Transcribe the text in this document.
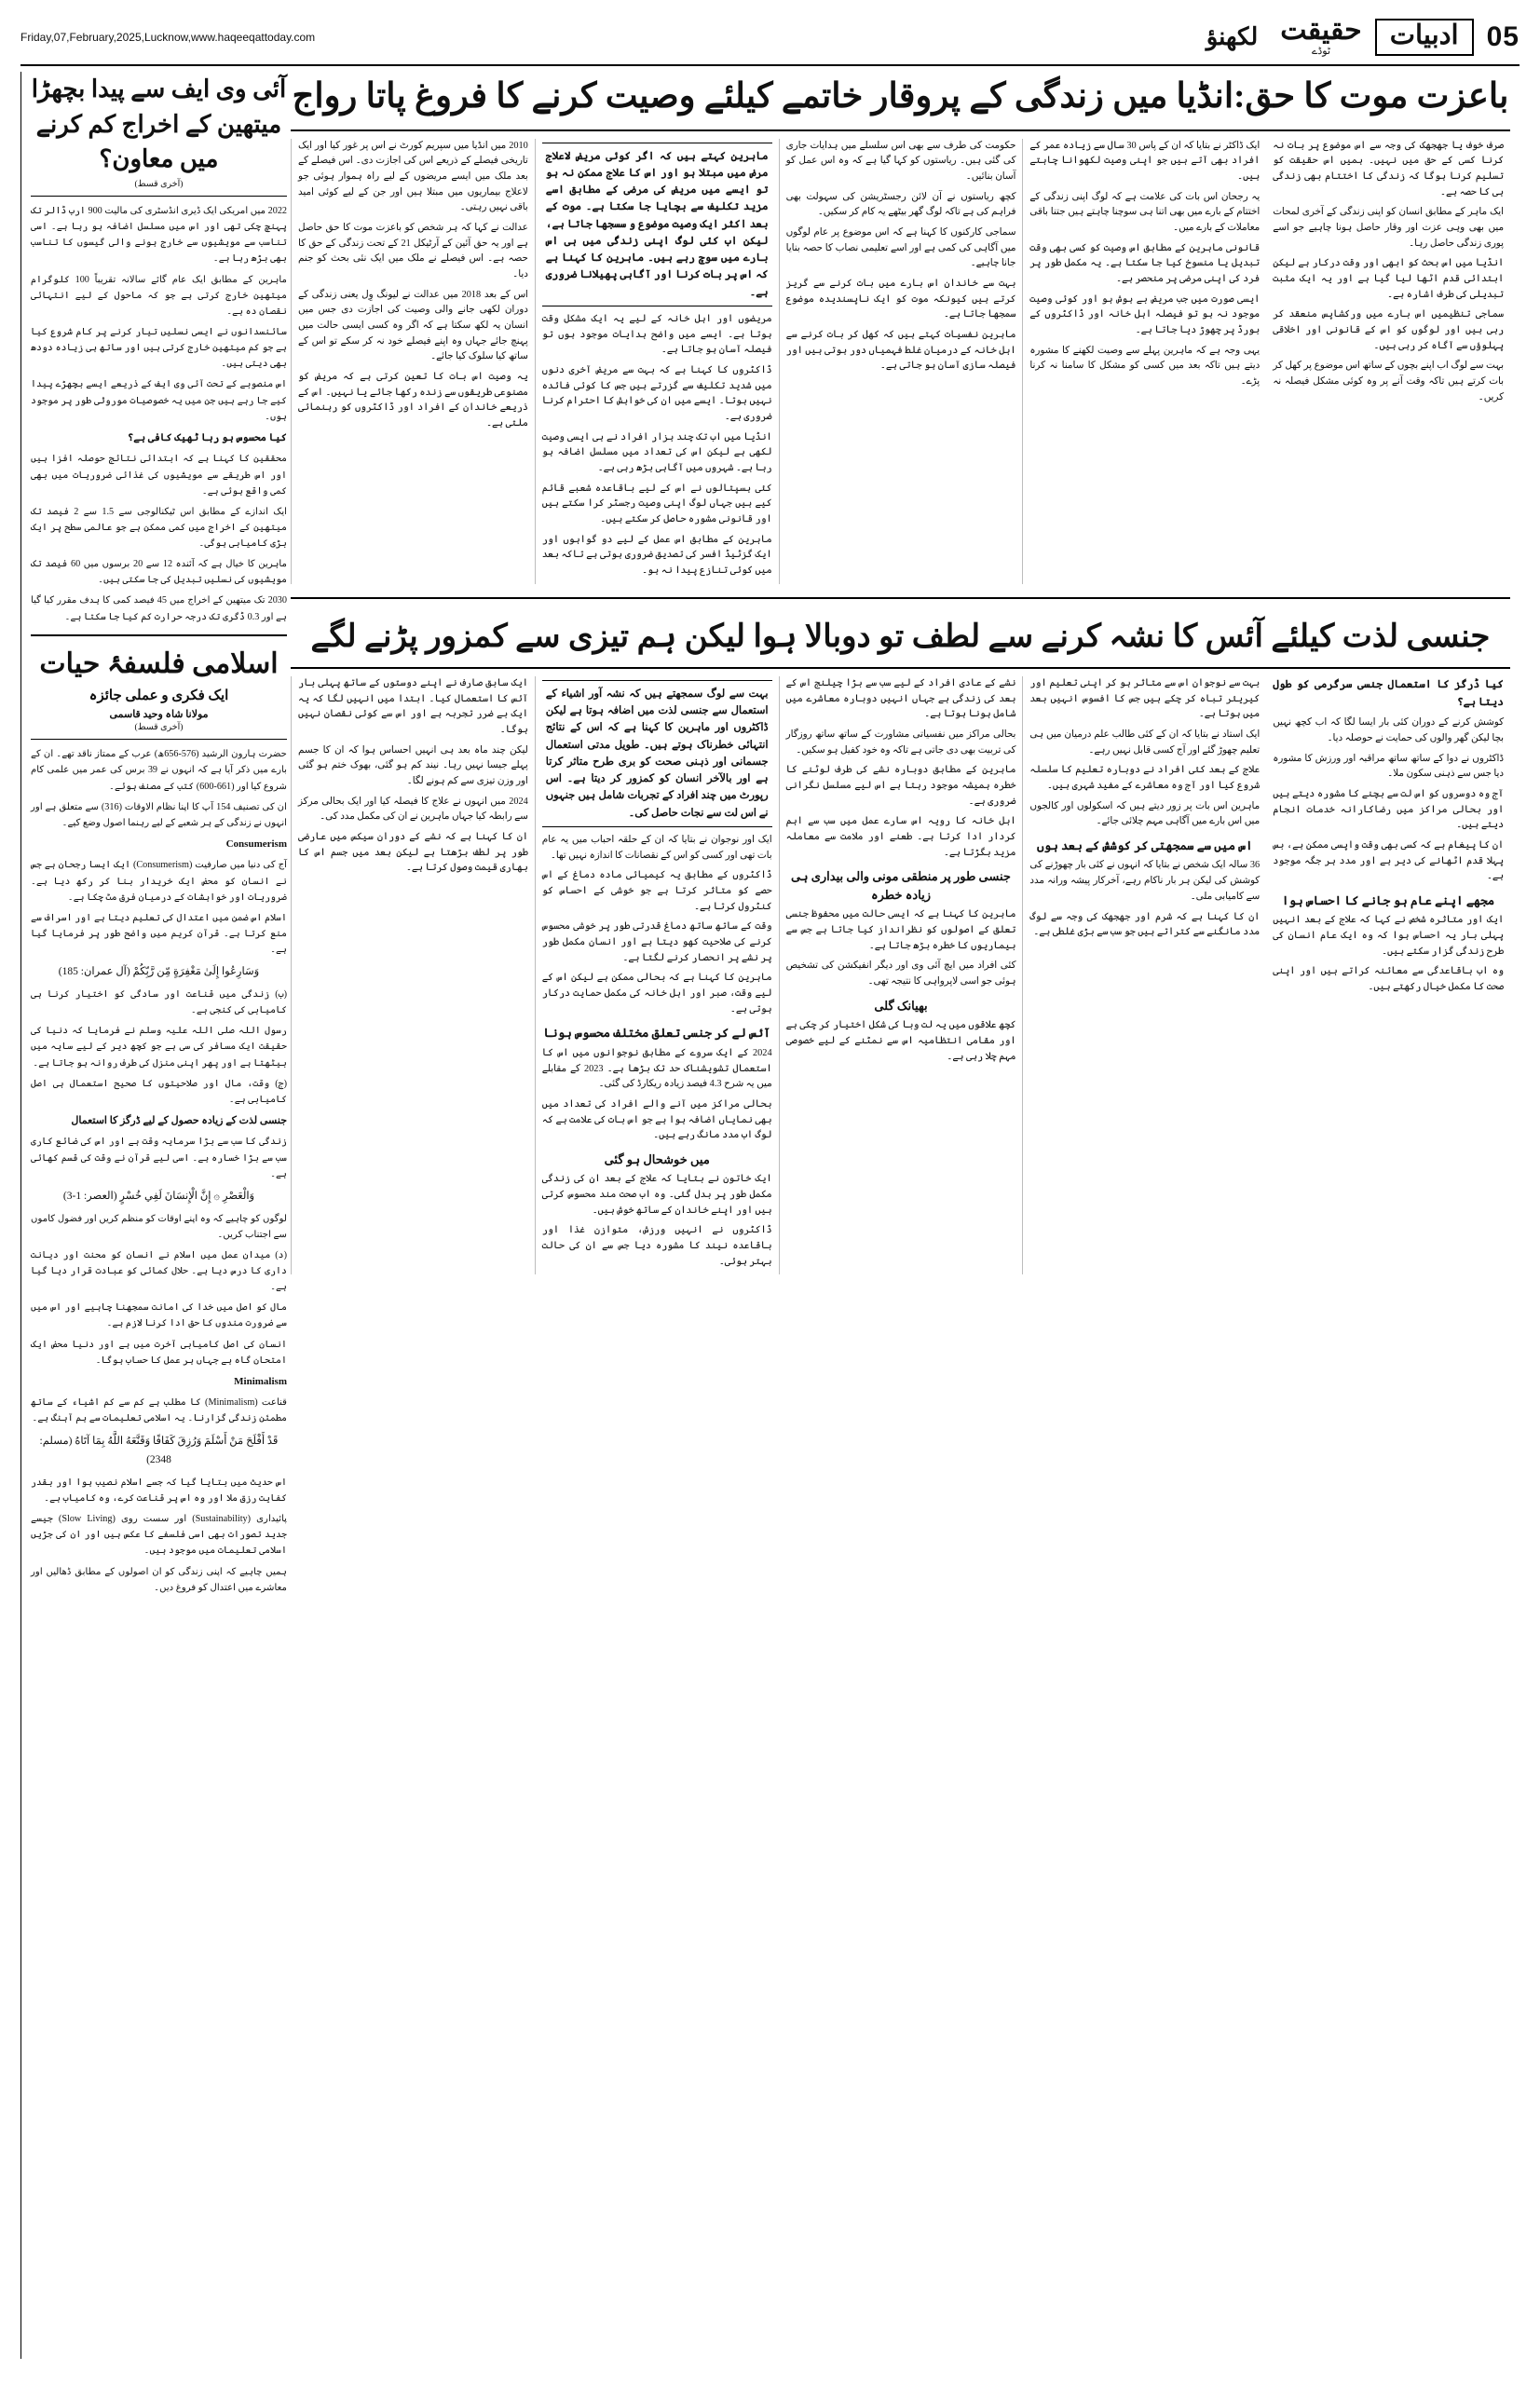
05
ادبیات
حقیقت
ٹوڈے
لکھنؤ
Friday,07,February,2025,Lucknow,www.haqeeqattoday.com
آئی وی ایف سے پیدا بچھڑا میتھین کے اخراج کم کرنے میں معاون؟
(آخری قسط)

2022 میں امریکی ایک ڈیری انڈسٹری کی مالیت 900 ارب ڈالر تک پہنچ چکی تھی اور اس میں مسلسل اضافہ ہو رہا ہے۔ اسی تناسب سے مویشیوں سے خارج ہونے والی گیسوں کا تناسب بھی بڑھ رہا ہے۔

ماہرین کے مطابق ایک عام گائے سالانہ تقریباً 100 کلوگرام میتھین خارج کرتی ہے جو کہ ماحول کے لیے انتہائی نقصان دہ ہے۔

سائنسدانوں نے ایسی نسلیں تیار کرنے پر کام شروع کیا ہے جو کم میتھین خارج کرتی ہیں اور ساتھ ہی زیادہ دودھ بھی دیتی ہیں۔

اس منصوبے کے تحت آئی وی ایف کے ذریعے ایسے بچھڑے پیدا کیے جا رہے ہیں جن میں یہ خصوصیات موروثی طور پر موجود ہوں۔

کیا محسوس ہو رہا ٹھیک کافی ہے؟

محققین کا کہنا ہے کہ ابتدائی نتائج حوصلہ افزا ہیں اور اس طریقے سے مویشیوں کی غذائی ضروریات میں بھی کمی واقع ہوئی ہے۔

ایک اندازے کے مطابق اس ٹیکنالوجی سے 1.5 سے 2 فیصد تک میتھین کے اخراج میں کمی ممکن ہے جو عالمی سطح پر ایک بڑی کامیابی ہوگی۔

ماہرین کا خیال ہے کہ آئندہ 12 سے 20 برسوں میں 60 فیصد تک مویشیوں کی نسلیں تبدیل کی جا سکتی ہیں۔

2030 تک میتھین کے اخراج میں 45 فیصد کمی کا ہدف مقرر کیا گیا ہے اور 0.3 ڈگری تک درجہ حرارت کم کیا جا سکتا ہے۔

اسلامی فلسفۂ حیات
ایک فکری و عملی جائزہ
مولانا شاہ وحید قاسمی
(آخری قسط)

حضرت ہارون الرشید (576-656ھ) عرب کے ممتاز ناقد تھے۔ ان کے بارے میں ذکر آیا ہے کہ انہوں نے 39 برس کی عمر میں علمی کام شروع کیا اور (661-600) کتب کے مصنف ہوئے۔

ان کی تصنیف 154 آپ کا اپنا نظام الاوقات (316) سے متعلق ہے اور انہوں نے زندگی کے ہر شعبے کے لیے رہنما اصول وضع کیے۔

Consumerism

آج کی دنیا میں صارفیت (Consumerism) ایک ایسا رجحان ہے جس نے انسان کو محض ایک خریدار بنا کر رکھ دیا ہے۔ ضروریات اور خواہشات کے درمیان فرق مٹ چکا ہے۔

اسلام اس ضمن میں اعتدال کی تعلیم دیتا ہے اور اسراف سے منع کرتا ہے۔ قرآن کریم میں واضح طور پر فرمایا گیا ہے۔

وَسَارِعُوا إِلَىٰ مَغْفِرَةٍ مِّن رَّبِّكُمْ (آل عمران: 185)

(ب) زندگی میں قناعت اور سادگی کو اختیار کرنا ہی کامیابی کی کنجی ہے۔

رسول اللہ صلی اللہ علیہ وسلم نے فرمایا کہ دنیا کی حقیقت ایک مسافر کی سی ہے جو کچھ دیر کے لیے سایہ میں بیٹھتا ہے اور پھر اپنی منزل کی طرف روانہ ہو جاتا ہے۔

(ج) وقت، مال اور صلاحیتوں کا صحیح استعمال ہی اصل کامیابی ہے۔

جنسی لذت کے زیادہ حصول کے لیے ڈرگز کا استعمال

زندگی کا سب سے بڑا سرمایہ وقت ہے اور اس کی ضائع کاری سب سے بڑا خسارہ ہے۔ اسی لیے قرآن نے وقت کی قسم کھائی ہے۔

وَالْعَصْرِ ۞ إِنَّ الْإِنسَانَ لَفِي خُسْرٍ (العصر: 1-3)

لوگوں کو چاہیے کہ وہ اپنے اوقات کو منظم کریں اور فضول کاموں سے اجتناب کریں۔

(د) میدانِ عمل میں اسلام نے انسان کو محنت اور دیانت داری کا درس دیا ہے۔ حلال کمائی کو عبادت قرار دیا گیا ہے۔

مال کو اصل میں خدا کی امانت سمجھنا چاہیے اور اس میں سے ضرورت مندوں کا حق ادا کرنا لازم ہے۔

انسان کی اصل کامیابی آخرت میں ہے اور دنیا محض ایک امتحان گاہ ہے جہاں ہر عمل کا حساب ہوگا۔

Minimalism

قناعت (Minimalism) کا مطلب ہے کم سے کم اشیاء کے ساتھ مطمئن زندگی گزارنا۔ یہ اسلامی تعلیمات سے ہم آہنگ ہے۔

قَدْ أَفْلَحَ مَنْ أَسْلَمَ وَرُزِقَ كَفَافًا وَقَنَّعَهُ اللَّهُ بِمَا آتَاهُ (مسلم: 2348)

اس حدیث میں بتایا گیا کہ جسے اسلام نصیب ہوا اور بقدر کفایت رزق ملا اور وہ اس پر قناعت کرے، وہ کامیاب ہے۔

پائیداری (Sustainability) اور سست روی (Slow Living) جیسے جدید تصورات بھی اسی فلسفے کا عکس ہیں اور ان کی جڑیں اسلامی تعلیمات میں موجود ہیں۔

ہمیں چاہیے کہ اپنی زندگی کو ان اصولوں کے مطابق ڈھالیں اور معاشرے میں اعتدال کو فروغ دیں۔

باعزت موت کا حق:انڈیا میں زندگی کے پروقار خاتمے کیلئے وصیت کرنے کا فروغ پاتا رواج

2010 میں انڈیا میں سپریم کورٹ نے اس پر غور کیا اور ایک تاریخی فیصلے کے ذریعے اس کی اجازت دی۔ اس فیصلے کے بعد ملک میں ایسے مریضوں کے لیے راہ ہموار ہوئی جو لاعلاج بیماریوں میں مبتلا ہیں اور جن کے لیے کوئی امید باقی نہیں رہتی۔

عدالت نے کہا کہ ہر شخص کو باعزت موت کا حق حاصل ہے اور یہ حق آئین کے آرٹیکل 21 کے تحت زندگی کے حق کا حصہ ہے۔ اس فیصلے نے ملک میں ایک نئی بحث کو جنم دیا۔

اس کے بعد 2018 میں عدالت نے لیونگ وِل یعنی زندگی کے دوران لکھی جانے والی وصیت کی اجازت دی جس میں انسان یہ لکھ سکتا ہے کہ اگر وہ کسی ایسی حالت میں پہنچ جائے جہاں وہ اپنے فیصلے خود نہ کر سکے تو اس کے ساتھ کیا سلوک کیا جائے۔

یہ وصیت اس بات کا تعین کرتی ہے کہ مریض کو مصنوعی طریقوں سے زندہ رکھا جائے یا نہیں۔ اس کے ذریعے خاندان کے افراد اور ڈاکٹروں کو رہنمائی ملتی ہے۔

ماہرین کہتے ہیں کہ اگر کوئی مریض لاعلاج مرض میں مبتلا ہو اور اس کا علاج ممکن نہ ہو تو ایسے میں مریض کی مرضی کے مطابق اسے مزید تکلیف سے بچایا جا سکتا ہے۔ موت کے بعد اکثر ایک وصیت موضوع و سسجھا جاتا ہے، لیکن اب کئی لوگ اپنی زندگی میں ہی اس بارے میں سوچ رہے ہیں۔ ماہرین کا کہنا ہے کہ اس پر بات کرنا اور آگاہی پھیلانا ضروری ہے۔

مریضوں اور اہل خانہ کے لیے یہ ایک مشکل وقت ہوتا ہے۔ ایسے میں واضح ہدایات موجود ہوں تو فیصلہ آسان ہو جاتا ہے۔

ڈاکٹروں کا کہنا ہے کہ بہت سے مریض آخری دنوں میں شدید تکلیف سے گزرتے ہیں جس کا کوئی فائدہ نہیں ہوتا۔ ایسے میں ان کی خواہش کا احترام کرنا ضروری ہے۔

انڈیا میں اب تک چند ہزار افراد نے ہی ایسی وصیت لکھی ہے لیکن اس کی تعداد میں مسلسل اضافہ ہو رہا ہے۔ شہروں میں آگاہی بڑھ رہی ہے۔

کئی ہسپتالوں نے اس کے لیے باقاعدہ شعبے قائم کیے ہیں جہاں لوگ اپنی وصیت رجسٹر کرا سکتے ہیں اور قانونی مشورہ حاصل کر سکتے ہیں۔

ماہرین کے مطابق اس عمل کے لیے دو گواہوں اور ایک گزٹیڈ افسر کی تصدیق ضروری ہوتی ہے تاکہ بعد میں کوئی تنازع پیدا نہ ہو۔

حکومت کی طرف سے بھی اس سلسلے میں ہدایات جاری کی گئی ہیں۔ ریاستوں کو کہا گیا ہے کہ وہ اس عمل کو آسان بنائیں۔

کچھ ریاستوں نے آن لائن رجسٹریشن کی سہولت بھی فراہم کی ہے تاکہ لوگ گھر بیٹھے یہ کام کر سکیں۔

سماجی کارکنوں کا کہنا ہے کہ اس موضوع پر عام لوگوں میں آگاہی کی کمی ہے اور اسے تعلیمی نصاب کا حصہ بنایا جانا چاہیے۔

بہت سے خاندان اس بارے میں بات کرنے سے گریز کرتے ہیں کیونکہ موت کو ایک ناپسندیدہ موضوع سمجھا جاتا ہے۔

ماہرین نفسیات کہتے ہیں کہ کھل کر بات کرنے سے اہل خانہ کے درمیان غلط فہمیاں دور ہوتی ہیں اور فیصلہ سازی آسان ہو جاتی ہے۔

ایک ڈاکٹر نے بتایا کہ ان کے پاس 30 سال سے زیادہ عمر کے افراد بھی آتے ہیں جو اپنی وصیت لکھوانا چاہتے ہیں۔

یہ رجحان اس بات کی علامت ہے کہ لوگ اپنی زندگی کے اختتام کے بارے میں بھی اتنا ہی سوچنا چاہتے ہیں جتنا باقی معاملات کے بارے میں۔

قانونی ماہرین کے مطابق اس وصیت کو کسی بھی وقت تبدیل یا منسوخ کیا جا سکتا ہے۔ یہ مکمل طور پر فرد کی اپنی مرضی پر منحصر ہے۔

ایسی صورت میں جب مریض بے ہوش ہو اور کوئی وصیت موجود نہ ہو تو فیصلہ اہل خانہ اور ڈاکٹروں کے بورڈ پر چھوڑ دیا جاتا ہے۔

یہی وجہ ہے کہ ماہرین پہلے سے وصیت لکھنے کا مشورہ دیتے ہیں تاکہ بعد میں کسی کو مشکل کا سامنا نہ کرنا پڑے۔

صرف خوف یا جھجھک کی وجہ سے اس موضوع پر بات نہ کرنا کسی کے حق میں نہیں۔ ہمیں اس حقیقت کو تسلیم کرنا ہوگا کہ زندگی کا اختتام بھی زندگی ہی کا حصہ ہے۔

ایک ماہر کے مطابق انسان کو اپنی زندگی کے آخری لمحات میں بھی وہی عزت اور وقار حاصل ہونا چاہیے جو اسے پوری زندگی حاصل رہا۔

انڈیا میں اس بحث کو ابھی اور وقت درکار ہے لیکن ابتدائی قدم اٹھا لیا گیا ہے اور یہ ایک مثبت تبدیلی کی طرف اشارہ ہے۔

سماجی تنظیمیں اس بارے میں ورکشاپس منعقد کر رہی ہیں اور لوگوں کو اس کے قانونی اور اخلاقی پہلوؤں سے آگاہ کر رہی ہیں۔

بہت سے لوگ اب اپنے بچوں کے ساتھ اس موضوع پر کھل کر بات کرتے ہیں تاکہ وقت آنے پر وہ کوئی مشکل فیصلہ نہ کریں۔

جنسی لذت کیلئے آئس کا نشہ کرنے سے لطف تو دوبالا ہوا لیکن ہم تیزی سے کمزور پڑنے لگے

ایک سابق صارف نے اپنے دوستوں کے ساتھ پہلی بار آئس کا استعمال کیا۔ ابتدا میں انہیں لگا کہ یہ ایک بے ضرر تجربہ ہے اور اس سے کوئی نقصان نہیں ہوگا۔

لیکن چند ماہ بعد ہی انہیں احساس ہوا کہ ان کا جسم پہلے جیسا نہیں رہا۔ نیند کم ہو گئی، بھوک ختم ہو گئی اور وزن تیزی سے کم ہونے لگا۔

2024 میں انہوں نے علاج کا فیصلہ کیا اور ایک بحالی مرکز سے رابطہ کیا جہاں ماہرین نے ان کی مکمل مدد کی۔

ان کا کہنا ہے کہ نشے کے دوران سیکس میں عارضی طور پر لطف بڑھتا ہے لیکن بعد میں جسم اس کا بھاری قیمت وصول کرتا ہے۔

بہت سے لوگ سمجھتے ہیں کہ نشہ آور اشیاء کے استعمال سے جنسی لذت میں اضافہ ہوتا ہے لیکن ڈاکٹروں اور ماہرین کا کہنا ہے کہ اس کے نتائج انتہائی خطرناک ہوتے ہیں۔ طویل مدتی استعمال جسمانی اور ذہنی صحت کو بری طرح متاثر کرتا ہے اور بالآخر انسان کو کمزور کر دیتا ہے۔ اس رپورٹ میں چند افراد کے تجربات شامل ہیں جنہوں نے اس لت سے نجات حاصل کی۔

ایک اور نوجوان نے بتایا کہ ان کے حلقہ احباب میں یہ عام بات تھی اور کسی کو اس کے نقصانات کا اندازہ نہیں تھا۔

ڈاکٹروں کے مطابق یہ کیمیائی مادہ دماغ کے اس حصے کو متاثر کرتا ہے جو خوشی کے احساس کو کنٹرول کرتا ہے۔

وقت کے ساتھ ساتھ دماغ قدرتی طور پر خوشی محسوس کرنے کی صلاحیت کھو دیتا ہے اور انسان مکمل طور پر نشے پر انحصار کرنے لگتا ہے۔

ماہرین کا کہنا ہے کہ بحالی ممکن ہے لیکن اس کے لیے وقت، صبر اور اہل خانہ کی مکمل حمایت درکار ہوتی ہے۔

آئس لے کر جنسی تعلق مختلف محسوس ہونا

2024 کے ایک سروے کے مطابق نوجوانوں میں اس کا استعمال تشویشناک حد تک بڑھا ہے۔ 2023 کے مقابلے میں یہ شرح 4.3 فیصد زیادہ ریکارڈ کی گئی۔

بحالی مراکز میں آنے والے افراد کی تعداد میں بھی نمایاں اضافہ ہوا ہے جو اس بات کی علامت ہے کہ لوگ اب مدد مانگ رہے ہیں۔

میں خوشحال ہو گئی

ایک خاتون نے بتایا کہ علاج کے بعد ان کی زندگی مکمل طور پر بدل گئی۔ وہ اب صحت مند محسوس کرتی ہیں اور اپنے خاندان کے ساتھ خوش ہیں۔

ڈاکٹروں نے انہیں ورزش، متوازن غذا اور باقاعدہ نیند کا مشورہ دیا جس سے ان کی حالت بہتر ہوئی۔

نشے کے عادی افراد کے لیے سب سے بڑا چیلنج اس کے بعد کی زندگی ہے جہاں انہیں دوبارہ معاشرے میں شامل ہونا ہوتا ہے۔

بحالی مراکز میں نفسیاتی مشاورت کے ساتھ ساتھ روزگار کی تربیت بھی دی جاتی ہے تاکہ وہ خود کفیل ہو سکیں۔

ماہرین کے مطابق دوبارہ نشے کی طرف لوٹنے کا خطرہ ہمیشہ موجود رہتا ہے اس لیے مسلسل نگرانی ضروری ہے۔

اہل خانہ کا رویہ اس سارے عمل میں سب سے اہم کردار ادا کرتا ہے۔ طعنے اور ملامت سے معاملہ مزید بگڑتا ہے۔

جنسی طور پر منطقی مونی والی بیداری ہی زیادہ خطرہ

ماہرین کا کہنا ہے کہ ایسی حالت میں محفوظ جنسی تعلق کے اصولوں کو نظرانداز کیا جاتا ہے جس سے بیماریوں کا خطرہ بڑھ جاتا ہے۔

کئی افراد میں ایچ آئی وی اور دیگر انفیکشن کی تشخیص ہوئی جو اسی لاپرواہی کا نتیجہ تھی۔

بھیانک گلی

کچھ علاقوں میں یہ لت وبا کی شکل اختیار کر چکی ہے اور مقامی انتظامیہ اس سے نمٹنے کے لیے خصوصی مہم چلا رہی ہے۔

بہت سے نوجوان اس سے متاثر ہو کر اپنی تعلیم اور کیریئر تباہ کر چکے ہیں جس کا افسوس انہیں بعد میں ہوتا ہے۔

ایک استاد نے بتایا کہ ان کے کئی طالب علم درمیان میں ہی تعلیم چھوڑ گئے اور آج کسی قابل نہیں رہے۔

علاج کے بعد کئی افراد نے دوبارہ تعلیم کا سلسلہ شروع کیا اور آج وہ معاشرے کے مفید شہری ہیں۔

ماہرین اس بات پر زور دیتے ہیں کہ اسکولوں اور کالجوں میں اس بارے میں آگاہی مہم چلائی جائے۔

اس میں سے سمجھتی کر کوشش کے بعد ہوں

36 سالہ ایک شخص نے بتایا کہ انہوں نے کئی بار چھوڑنے کی کوشش کی لیکن ہر بار ناکام رہے، آخرکار پیشہ ورانہ مدد سے کامیابی ملی۔

ان کا کہنا ہے کہ شرم اور جھجھک کی وجہ سے لوگ مدد مانگنے سے کتراتے ہیں جو سب سے بڑی غلطی ہے۔

کیا ڈرگز کا استعمال جنسی سرگرمی کو طول دیتا ہے؟

کوشش کرنے کے دوران کئی بار ایسا لگا کہ اب کچھ نہیں بچا لیکن گھر والوں کی حمایت نے حوصلہ دیا۔

ڈاکٹروں نے دوا کے ساتھ ساتھ مراقبہ اور ورزش کا مشورہ دیا جس سے ذہنی سکون ملا۔

آج وہ دوسروں کو اس لت سے بچنے کا مشورہ دیتے ہیں اور بحالی مراکز میں رضاکارانہ خدمات انجام دیتے ہیں۔

ان کا پیغام ہے کہ کسی بھی وقت واپسی ممکن ہے، بس پہلا قدم اٹھانے کی دیر ہے اور مدد ہر جگہ موجود ہے۔

مجھے اپنے عام ہو جانے کا احساس ہوا

ایک اور متاثرہ شخص نے کہا کہ علاج کے بعد انہیں پہلی بار یہ احساس ہوا کہ وہ ایک عام انسان کی طرح زندگی گزار سکتے ہیں۔

وہ اب باقاعدگی سے معائنہ کراتے ہیں اور اپنی صحت کا مکمل خیال رکھتے ہیں۔
